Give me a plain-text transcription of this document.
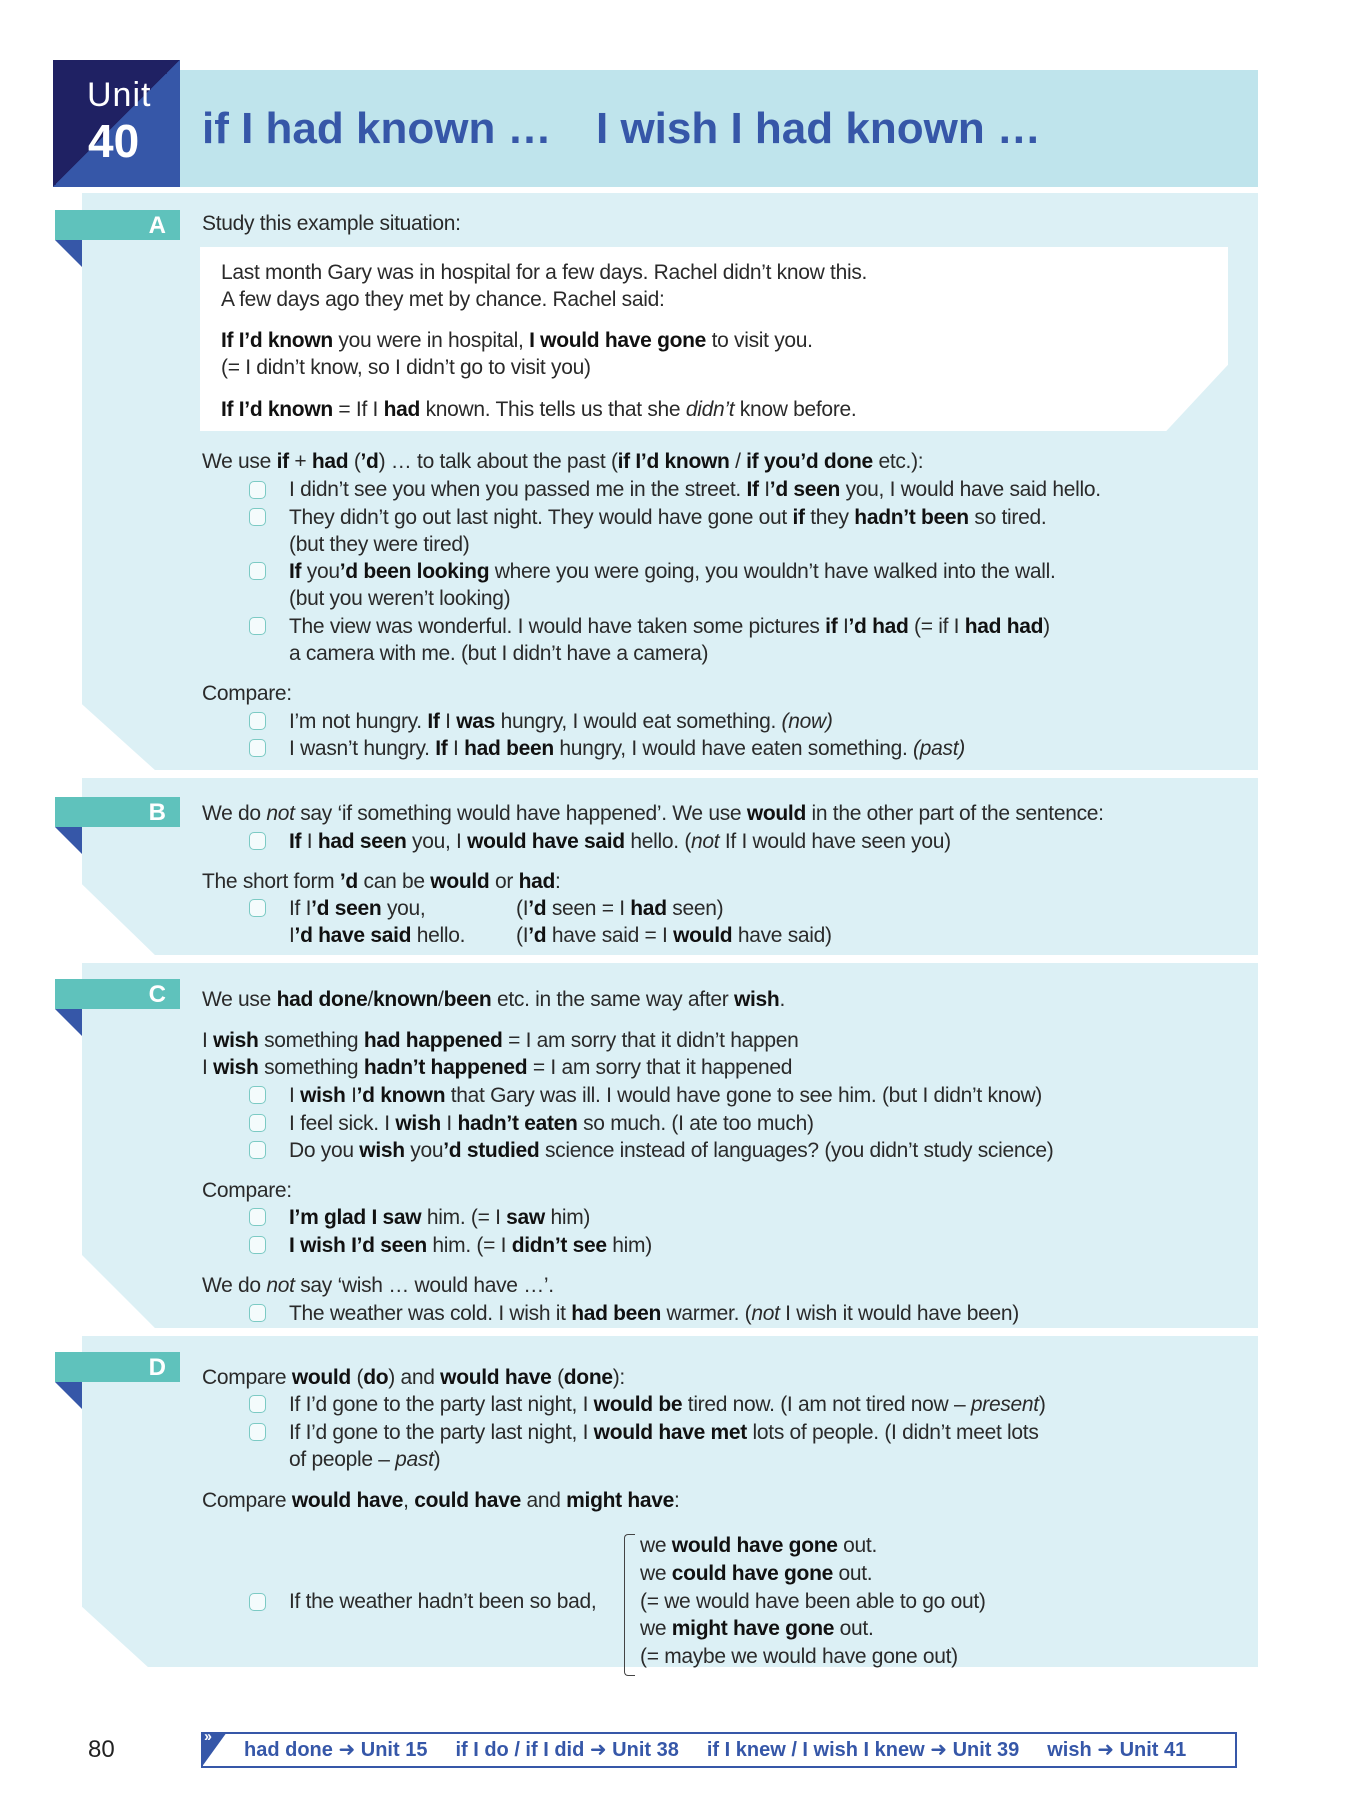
Unit
40 if I had known … I wish I had known …
A	Study this example situation:
Last month Gary was in hospital for a few days. Rachel didn’t know this.
A few days ago they met by chance. Rachel said:
If I’d known you were in hospital, I would have gone to visit you.
(= I didn’t know, so I didn’t go to visit you)
If I’d known = If I had known. This tells us that she didn’t know before.
We use if + had (’d) … to talk about the past (if I’d known / if you’d done etc.):
I didn’t see you when you passed me in the street. If I’d seen you, I would have said hello.
They didn’t go out last night. They would have gone out if they hadn’t been so tired.
(but they were tired)
If you’d been looking where you were going, you wouldn’t have walked into the wall.
(but you weren’t looking)
The view was wonderful. I would have taken some pictures if I’d had (= if I had had)
a camera with me. (but I didn’t have a camera)
Compare:
I’m not hungry. If I was hungry, I would eat something. (now)
I wasn’t hungry. If I had been hungry, I would have eaten something. (past)
B	We do not say ‘if something would have happened’. We use would in the other part of the sentence:
If I had seen you, I would have said hello. (not If I would have seen you)
The short form ’d can be would or had:
If I’d seen you,	(I’d seen = I had seen)
I’d have said hello. (I’d have said = I would have said)
C	We use had done/known/been etc. in the same way after wish.
I wish something had happened = I am sorry that it didn’t happen
I wish something hadn’t happened = I am sorry that it happened
I wish I’d known that Gary was ill. I would have gone to see him. (but I didn’t know)
I feel sick. I wish I hadn’t eaten so much. (I ate too much)
Do you wish you’d studied science instead of languages? (you didn’t study science)
Compare:
I’m glad I saw him. (= I saw him)
I wish I’d seen him. (= I didn’t see him)
We do not say ‘wish … would have …’.
The weather was cold. I wish it had been warmer. (not I wish it would have been)
D	Compare would (do) and would have (done):
If I’d gone to the party last night, I would be tired now. (I am not tired now – present)
If I’d gone to the party last night, I would have met lots of people. (I didn’t meet lots
of people – past)
Compare would have, could have and might have:
If the weather hadn’t been so bad,
we would have gone out.
we could have gone out.
(= we would have been able to go out)
we might have gone out.
(= maybe we would have gone out)
80	››
had done ➜ Unit 15 if I do / if I did ➜ Unit 38 if I knew / I wish I knew ➜ Unit 39 wish ➜ Unit 41
